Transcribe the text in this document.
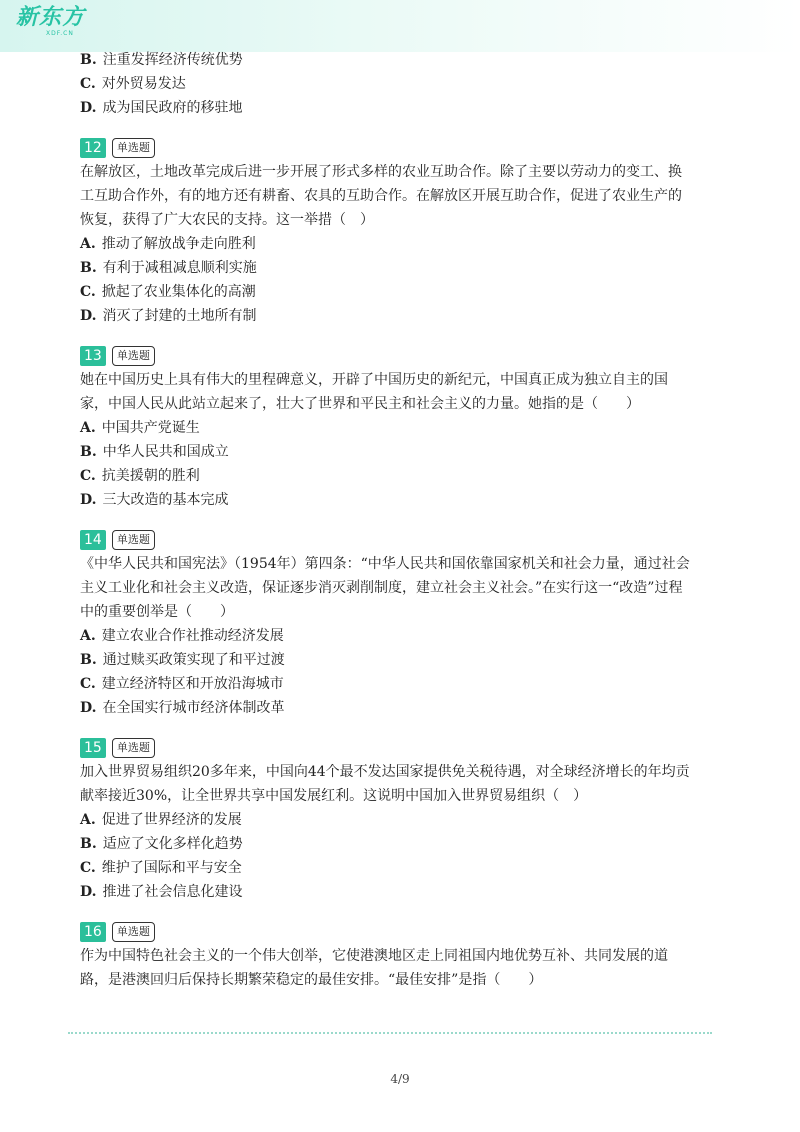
新东方
XDF.CN
B. 注重发挥经济传统优势
C. 对外贸易发达
D. 成为国民政府的移驻地
12	单选题
在解放区，土地改革完成后进一步开展了形式多样的农业互助合作。除了主要以劳动力的变工、换
工互助合作外，有的地方还有耕畜、农具的互助合作。在解放区开展互助合作，促进了农业生产的
恢复，获得了广大农民的支持。这一举措（　）
A. 推动了解放战争走向胜利
B. 有利于减租减息顺利实施
C. 掀起了农业集体化的高潮
D. 消灭了封建的土地所有制
13	单选题
她在中国历史上具有伟大的里程碑意义，开辟了中国历史的新纪元，中国真正成为独立自主的国
家，中国人民从此站立起来了，壮大了世界和平民主和社会主义的力量。她指的是（　　）
A. 中国共产党诞生
B. 中华人民共和国成立
C. 抗美援朝的胜利
D. 三大改造的基本完成
14	单选题
《中华人民共和国宪法》（1954年）第四条：“中华人民共和国依靠国家机关和社会力量，通过社会
主义工业化和社会主义改造，保证逐步消灭剥削制度，建立社会主义社会。”在实行这一“改造”过程
中的重要创举是（　　）
A. 建立农业合作社推动经济发展
B. 通过赎买政策实现了和平过渡
C. 建立经济特区和开放沿海城市
D. 在全国实行城市经济体制改革
15	单选题
加入世界贸易组织20多年来，中国向44个最不发达国家提供免关税待遇，对全球经济增长的年均贡
献率接近30%，让全世界共享中国发展红利。这说明中国加入世界贸易组织（　）
A. 促进了世界经济的发展
B. 适应了文化多样化趋势
C. 维护了国际和平与安全
D. 推进了社会信息化建设
16	单选题
作为中国特色社会主义的一个伟大创举，它使港澳地区走上同祖国内地优势互补、共同发展的道
路，是港澳回归后保持长期繁荣稳定的最佳安排。“最佳安排”是指（　　）
4/9
